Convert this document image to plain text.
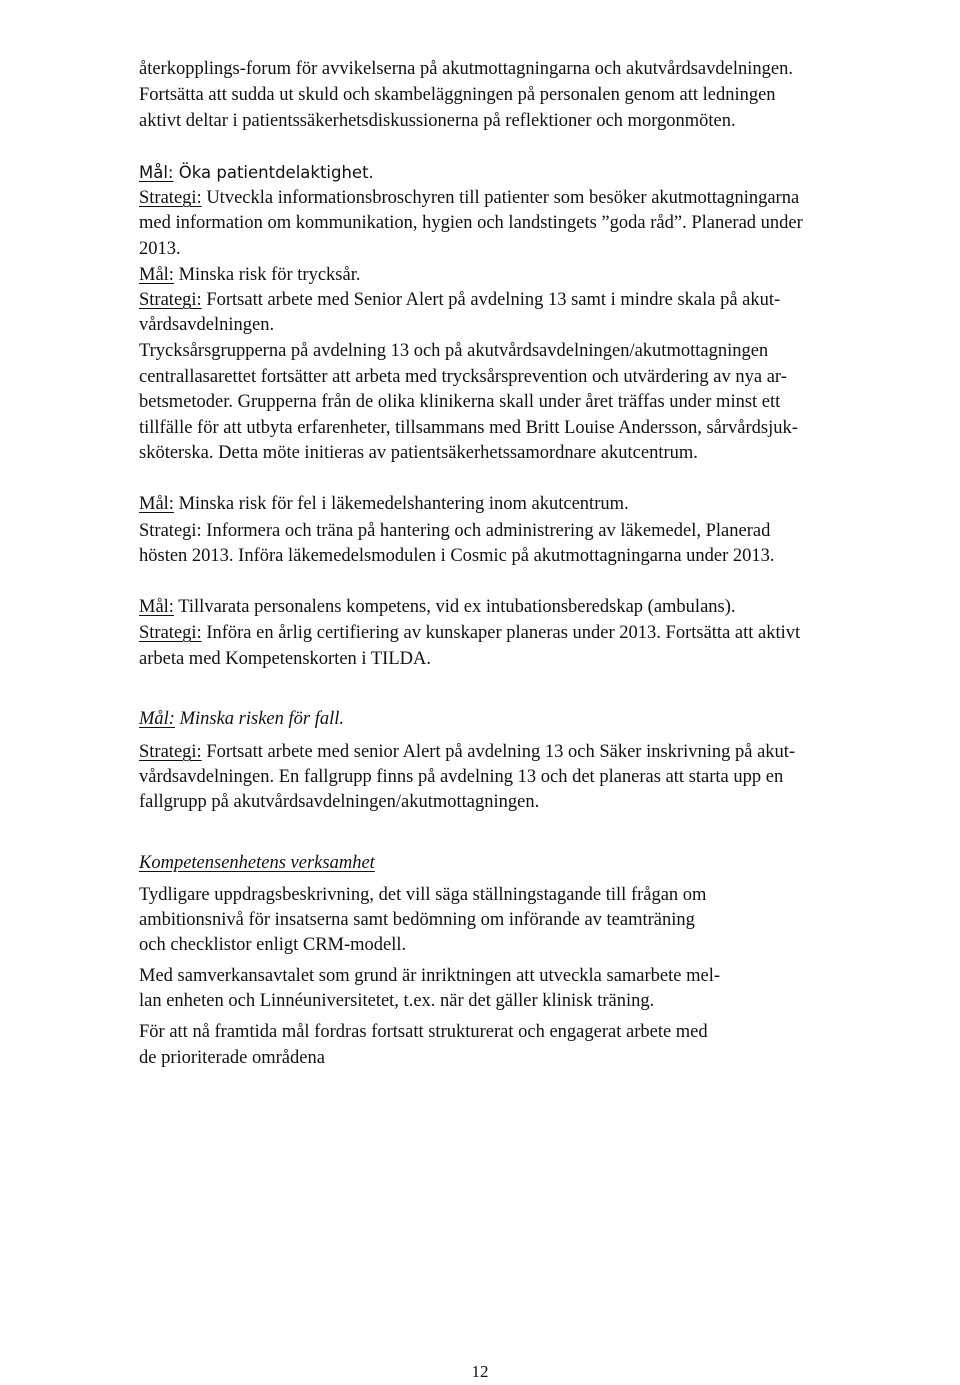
återkopplings-forum för avvikelserna på akutmottagningarna och akutvårdsavdelningen.
Fortsätta att sudda ut skuld och skambeläggningen på personalen genom att ledningen
aktivt deltar i patientssäkerhetsdiskussionerna på reflektioner och morgonmöten.
Mål: Öka patientdelaktighet.
Strategi: Utveckla informationsbroschyren till patienter som besöker akutmottagningarna
med information om kommunikation, hygien och landstingets ”goda råd”. Planerad under
2013.
Mål: Minska risk för trycksår.
Strategi: Fortsatt arbete med Senior Alert på avdelning 13 samt i mindre skala på akut-
vårdsavdelningen.
Trycksårsgrupperna på avdelning 13 och på akutvårdsavdelningen/akutmottagningen
centrallasarettet fortsätter att arbeta med trycksårsprevention och utvärdering av nya ar-
betsmetoder. Grupperna från de olika klinikerna skall under året träffas under minst ett
tillfälle för att utbyta erfarenheter, tillsammans med Britt Louise Andersson, sårvårdsjuk-
sköterska. Detta möte initieras av patientsäkerhetssamordnare akutcentrum.
Mål: Minska risk för fel i läkemedelshantering inom akutcentrum.
Strategi: Informera och träna på hantering och administrering av läkemedel, Planerad
hösten 2013. Införa läkemedelsmodulen i Cosmic på akutmottagningarna under 2013.
Mål: Tillvarata personalens kompetens, vid ex intubationsberedskap (ambulans).
Strategi: Införa en årlig certifiering av kunskaper planeras under 2013. Fortsätta att aktivt
arbeta med Kompetenskorten i TILDA.
Mål: Minska risken för fall.
Strategi: Fortsatt arbete med senior Alert på avdelning 13 och Säker inskrivning på akut-
vårdsavdelningen. En fallgrupp finns på avdelning 13 och det planeras att starta upp en
fallgrupp på akutvårdsavdelningen/akutmottagningen.
Kompetensenhetens verksamhet
Tydligare uppdragsbeskrivning, det vill säga ställningstagande till frågan om
ambitionsnivå för insatserna samt bedömning om införande av teamträning
och checklistor enligt CRM-modell.
Med samverkansavtalet som grund är inriktningen att utveckla samarbete mel-
lan enheten och Linnéuniversitetet, t.ex. när det gäller klinisk träning.
För att nå framtida mål fordras fortsatt strukturerat och engagerat arbete med
de prioriterade områdena
12
